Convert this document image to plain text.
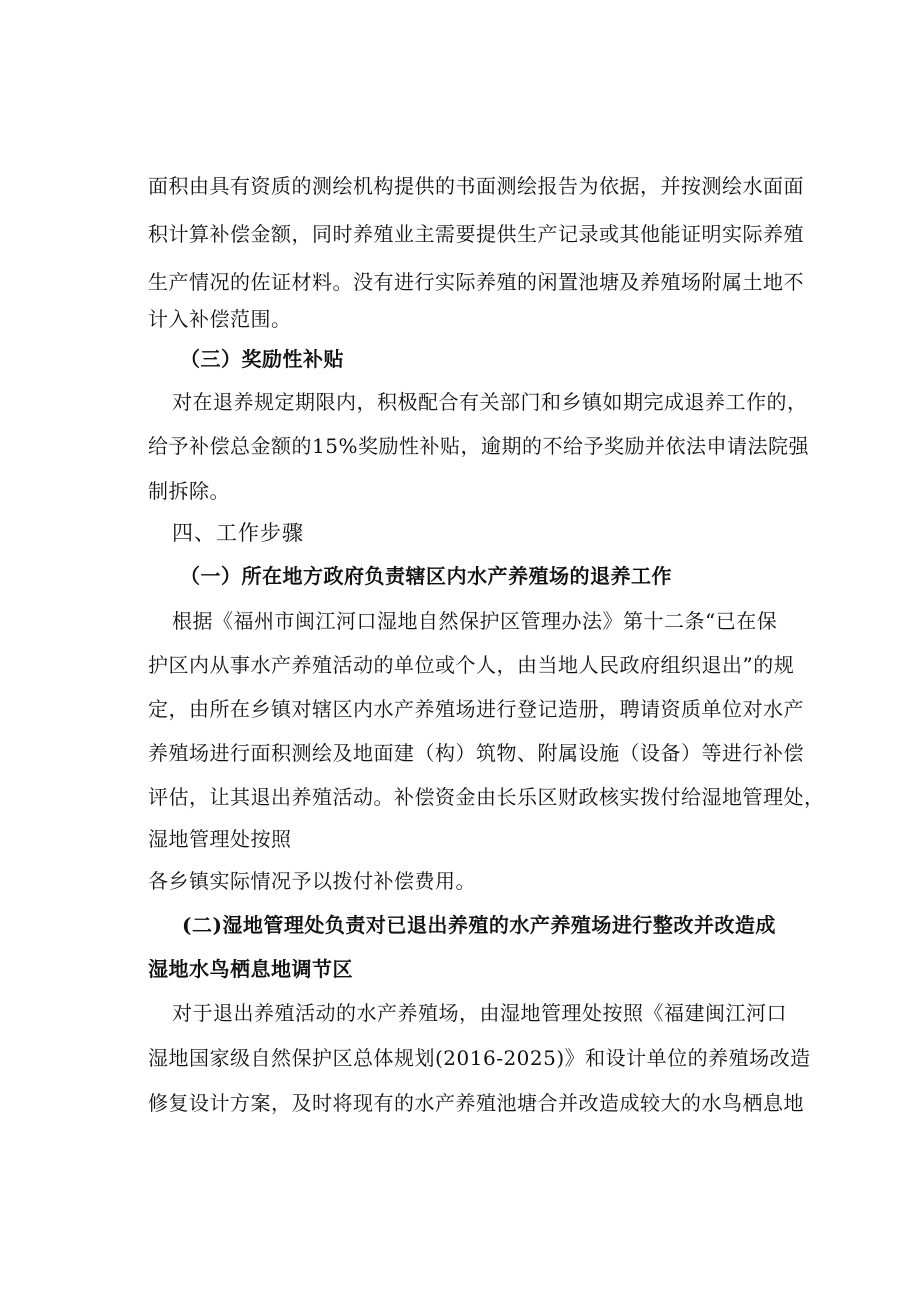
面积由具有资质的测绘机构提供的书面测绘报告为依据，并按测绘水面面
积计算补偿金额，同时养殖业主需要提供生产记录或其他能证明实际养殖
生产情况的佐证材料。没有进行实际养殖的闲置池塘及养殖场附属土地不
计入补偿范围。
（三）奖励性补贴
对在退养规定期限内，积极配合有关部门和乡镇如期完成退养工作的，
给予补偿总金额的15%奖励性补贴，逾期的不给予奖励并依法申请法院强
制拆除。
四、工作步骤
（一）所在地方政府负责辖区内水产养殖场的退养工作
根据《福州市闽江河口湿地自然保护区管理办法》第十二条“已在保
护区内从事水产养殖活动的单位或个人，由当地人民政府组织退出”的规
定，由所在乡镇对辖区内水产养殖场进行登记造册，聘请资质单位对水产
养殖场进行面积测绘及地面建（构）筑物、附属设施（设备）等进行补偿
评估，让其退出养殖活动。补偿资金由长乐区财政核实拨付给湿地管理处，
湿地管理处按照
各乡镇实际情况予以拨付补偿费用。
(二)湿地管理处负责对已退出养殖的水产养殖场进行整改并改造成
湿地水鸟栖息地调节区
对于退出养殖活动的水产养殖场，由湿地管理处按照《福建闽江河口
湿地国家级自然保护区总体规划(2016-2025)》和设计单位的养殖场改造
修复设计方案，及时将现有的水产养殖池塘合并改造成较大的水鸟栖息地
